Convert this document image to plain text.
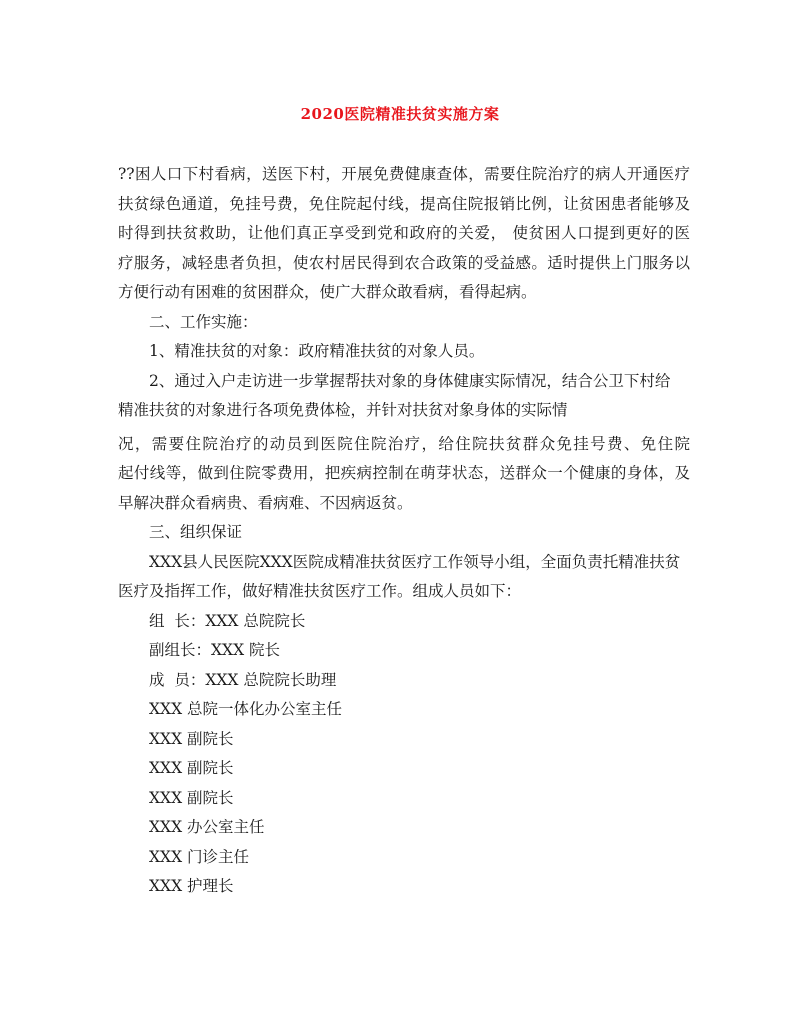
2020医院精准扶贫实施方案
??困人口下村看病，送医下村，开展免费健康查体，需要住院治疗的病人开通医疗
扶贫绿色通道，免挂号费，免住院起付线，提高住院报销比例，让贫困患者能够及
时得到扶贫救助，让他们真正享受到党和政府的关爱， 使贫困人口提到更好的医
疗服务，减轻患者负担，使农村居民得到农合政策的受益感。适时提供上门服务以
方便行动有困难的贫困群众，使广大群众敢看病，看得起病。
二、工作实施：
1、精准扶贫的对象：政府精准扶贫的对象人员。
2、通过入户走访进一步掌握帮扶对象的身体健康实际情况，结合公卫下村给
精准扶贫的对象进行各项免费体检，并针对扶贫对象身体的实际情
况，需要住院治疗的动员到医院住院治疗，给住院扶贫群众免挂号费、免住院
起付线等，做到住院零费用，把疾病控制在萌芽状态，送群众一个健康的身体，及
早解决群众看病贵、看病难、不因病返贫。
三、组织保证
XXX县人民医院XXX医院成精准扶贫医疗工作领导小组，全面负责托精准扶贫
医疗及指挥工作，做好精准扶贫医疗工作。组成人员如下：
组  长：XXX 总院院长
副组长：XXX 院长
成  员：XXX 总院院长助理
XXX 总院一体化办公室主任
XXX 副院长
XXX 副院长
XXX 副院长
XXX 办公室主任
XXX 门诊主任
XXX 护理长
